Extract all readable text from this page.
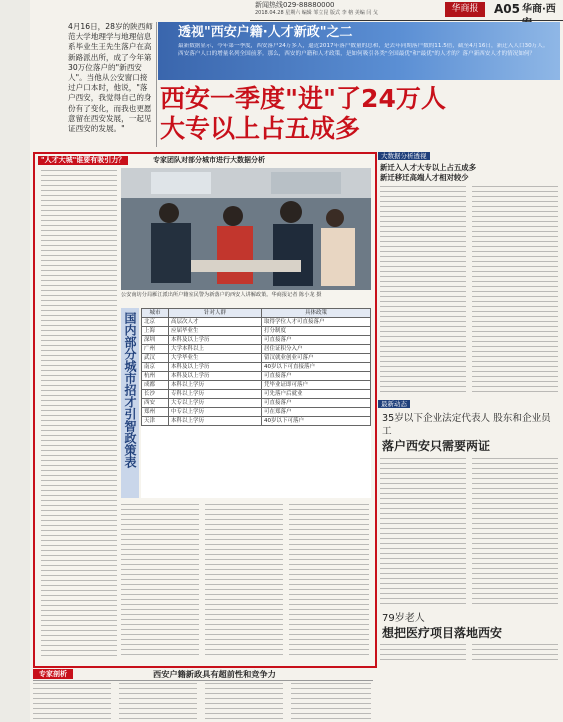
新闻热线029-88880000
2018.04.28 星期六 编辑 邹立昆 版式 李 榕 美编 闫 戈	华商报	A05 华商·西
4月16日，28岁的陕西师范大学地理学与地理信息系毕业生王先生落户在高新路派出所，成了今年第30万位落户的"新西安人"。当他从公安窗口接过户口本时，他说，"落户西安，我觉得自己的身份有了变化，而我也更愿意留在西安发展，一起见证西安的发展。"
透视"西安户籍·人才新政"之二
最新数据显示，今年第一季度，西安落户24万多人，逼近2017年落户数量的总和，是去年同期落户数的11.5倍，截至4月16日，新迁入人口30万人。西安落户人口的增量名列全国前茅。那么，西安的户籍和人才政策，是如何吸引各类"全国最优"和"最优"的人才的？落户新西安人才的情况如何？
西安一季度"进"了24万人
大专以上占五成多
"人才大城"谁要有吸引力？	专家团队对部分城市进行大数据分析
公安南坊分局雁江派出所户籍室民警为新落户的西安人讲解政策。华商报记者 陈小龙 摄
国内部分城市招才引智政策表	城市	针对人群	具体政策
北京	高层次人才	取得学位人才可直接落户
上海	应届毕业生	打分制度
深圳	本科及以上学历	可直接落户
广州	大学本科以上	居住证积分入户
武汉	大学毕业生	留汉就业创业可落户
南京	本科及以上学历	40岁以下可直接落户
杭州	本科及以上学历	可直接落户
成都	本科以上学历	凭毕业证即可落户
长沙	专科以上学历	可先落户后就业
西安	大专以上学历	可直接落户
郑州	中专以上学历	可在郑落户
天津	本科以上学历	40岁以下可落户
大数据分析透视
新迁入人才大专以上占五成多
新迁移迁高端人才相对较少
最新动态
35岁以下企业法定代表人 股东和企业员工
落户西安只需要两证
79岁老人
想把医疗项目落地西安
专家剖析	西安户籍新政具有超前性和竞争力
